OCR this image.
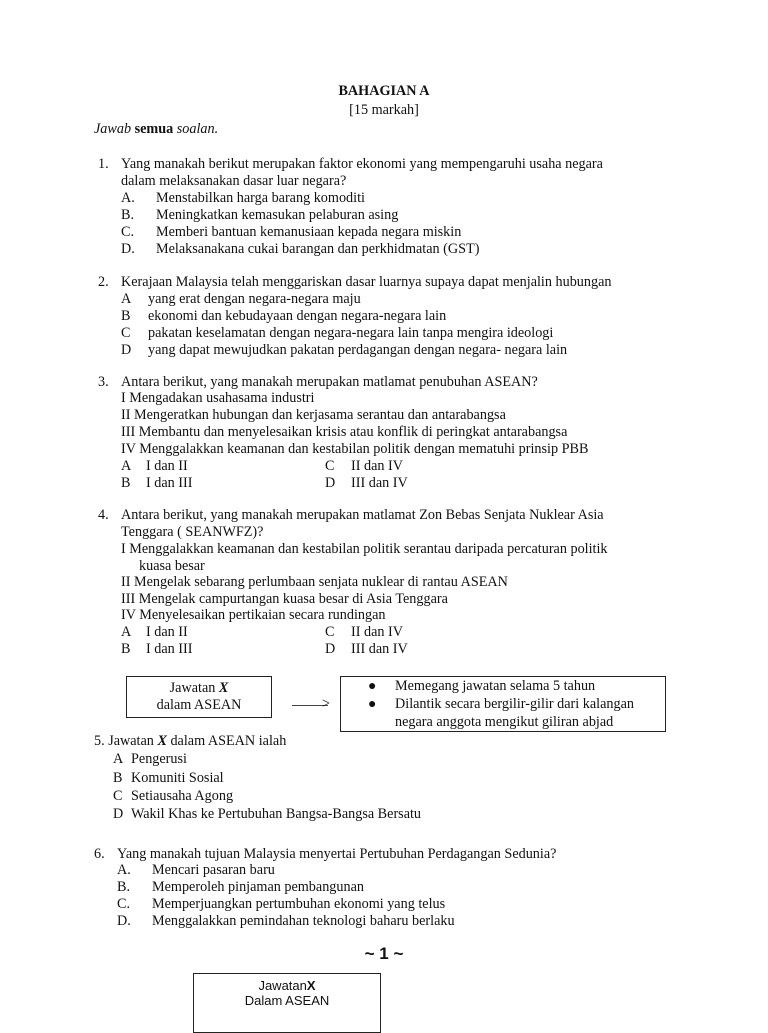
BAHAGIAN A
[15 markah]
Jawab semua soalan.
1. Yang manakah berikut merupakan faktor ekonomi yang mempengaruhi usaha negara
dalam melaksanakan dasar luar negara?
A. Menstabilkan harga barang komoditi
B. Meningkatkan kemasukan pelaburan asing
C. Memberi bantuan kemanusiaan kepada negara miskin
D. Melaksanakana cukai barangan dan perkhidmatan (GST)
2. Kerajaan Malaysia telah menggariskan dasar luarnya supaya dapat menjalin hubungan
A yang erat dengan negara-negara maju
B ekonomi dan kebudayaan dengan negara-negara lain
C pakatan keselamatan dengan negara-negara lain tanpa mengira ideologi
D yang dapat mewujudkan pakatan perdagangan dengan negara- negara lain
3. Antara berikut, yang manakah merupakan matlamat penubuhan ASEAN?
I Mengadakan usahasama industri
II Mengeratkan hubungan dan kerjasama serantau dan antarabangsa
III Membantu dan menyelesaikan krisis atau konflik di peringkat antarabangsa
IV Menggalakkan keamanan dan kestabilan politik dengan mematuhi prinsip PBB
A I dan II	C II dan IV
B I dan III	D III dan IV
4. Antara berikut, yang manakah merupakan matlamat Zon Bebas Senjata Nuklear Asia
Tenggara ( SEANWFZ)?
I Menggalakkan keamanan dan kestabilan politik serantau daripada percaturan politik
kuasa besar
II Mengelak sebarang perlumbaan senjata nuklear di rantau ASEAN
III Mengelak campurtangan kuasa besar di Asia Tenggara
IV Menyelesaikan pertikaian secara rundingan
A I dan II	C II dan IV
B I dan III	D III dan IV
Jawatan X
dalam ASEAN	>
● Memegang jawatan selama 5 tahun
● Dilantik secara bergilir-gilir dari kalangan
negara anggota mengikut giliran abjad
5. Jawatan X dalam ASEAN ialah
A Pengerusi
B Komuniti Sosial
C Setiausaha Agong
D Wakil Khas ke Pertubuhan Bangsa-Bangsa Bersatu
6. Yang manakah tujuan Malaysia menyertai Pertubuhan Perdagangan Sedunia?
A. Mencari pasaran baru
B. Memperoleh pinjaman pembangunan
C. Memperjuangkan pertumbuhan ekonomi yang telus
D. Menggalakkan pemindahan teknologi baharu berlaku
~ 1 ~
JawatanX
Dalam ASEAN
